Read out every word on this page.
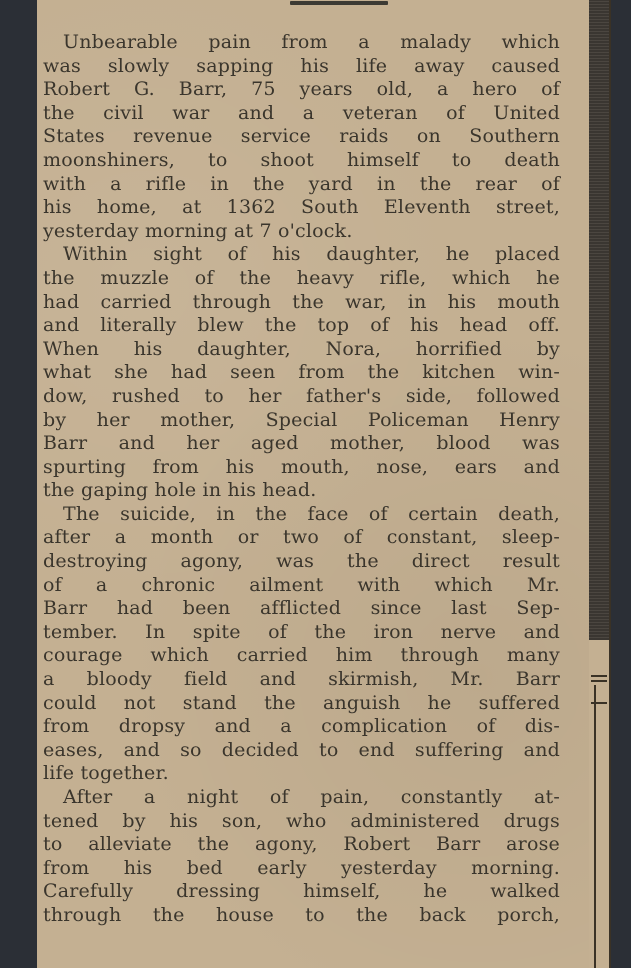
Unbearable pain from a malady which
was slowly sapping his life away caused
Robert G. Barr, 75 years old, a hero of
the civil war and a veteran of United
States revenue service raids on Southern
moonshiners, to shoot himself to death
with a rifle in the yard in the rear of
his home, at 1362 South Eleventh street,
yesterday morning at 7 o'clock.
Within sight of his daughter, he placed
the muzzle of the heavy rifle, which he
had carried through the war, in his mouth
and literally blew the top of his head off.
When his daughter, Nora, horrified by
what she had seen from the kitchen win-
dow, rushed to her father's side, followed
by her mother, Special Policeman Henry
Barr and her aged mother, blood was
spurting from his mouth, nose, ears and
the gaping hole in his head.
The suicide, in the face of certain death,
after a month or two of constant, sleep-
destroying agony, was the direct result
of a chronic ailment with which Mr.
Barr had been afflicted since last Sep-
tember. In spite of the iron nerve and
courage which carried him through many
a bloody field and skirmish, Mr. Barr
could not stand the anguish he suffered
from dropsy and a complication of dis-
eases, and so decided to end suffering and
life together.
After a night of pain, constantly at-
tened by his son, who administered drugs
to alleviate the agony, Robert Barr arose
from his bed early yesterday morning.
Carefully dressing himself, he walked
through the house to the back porch,
